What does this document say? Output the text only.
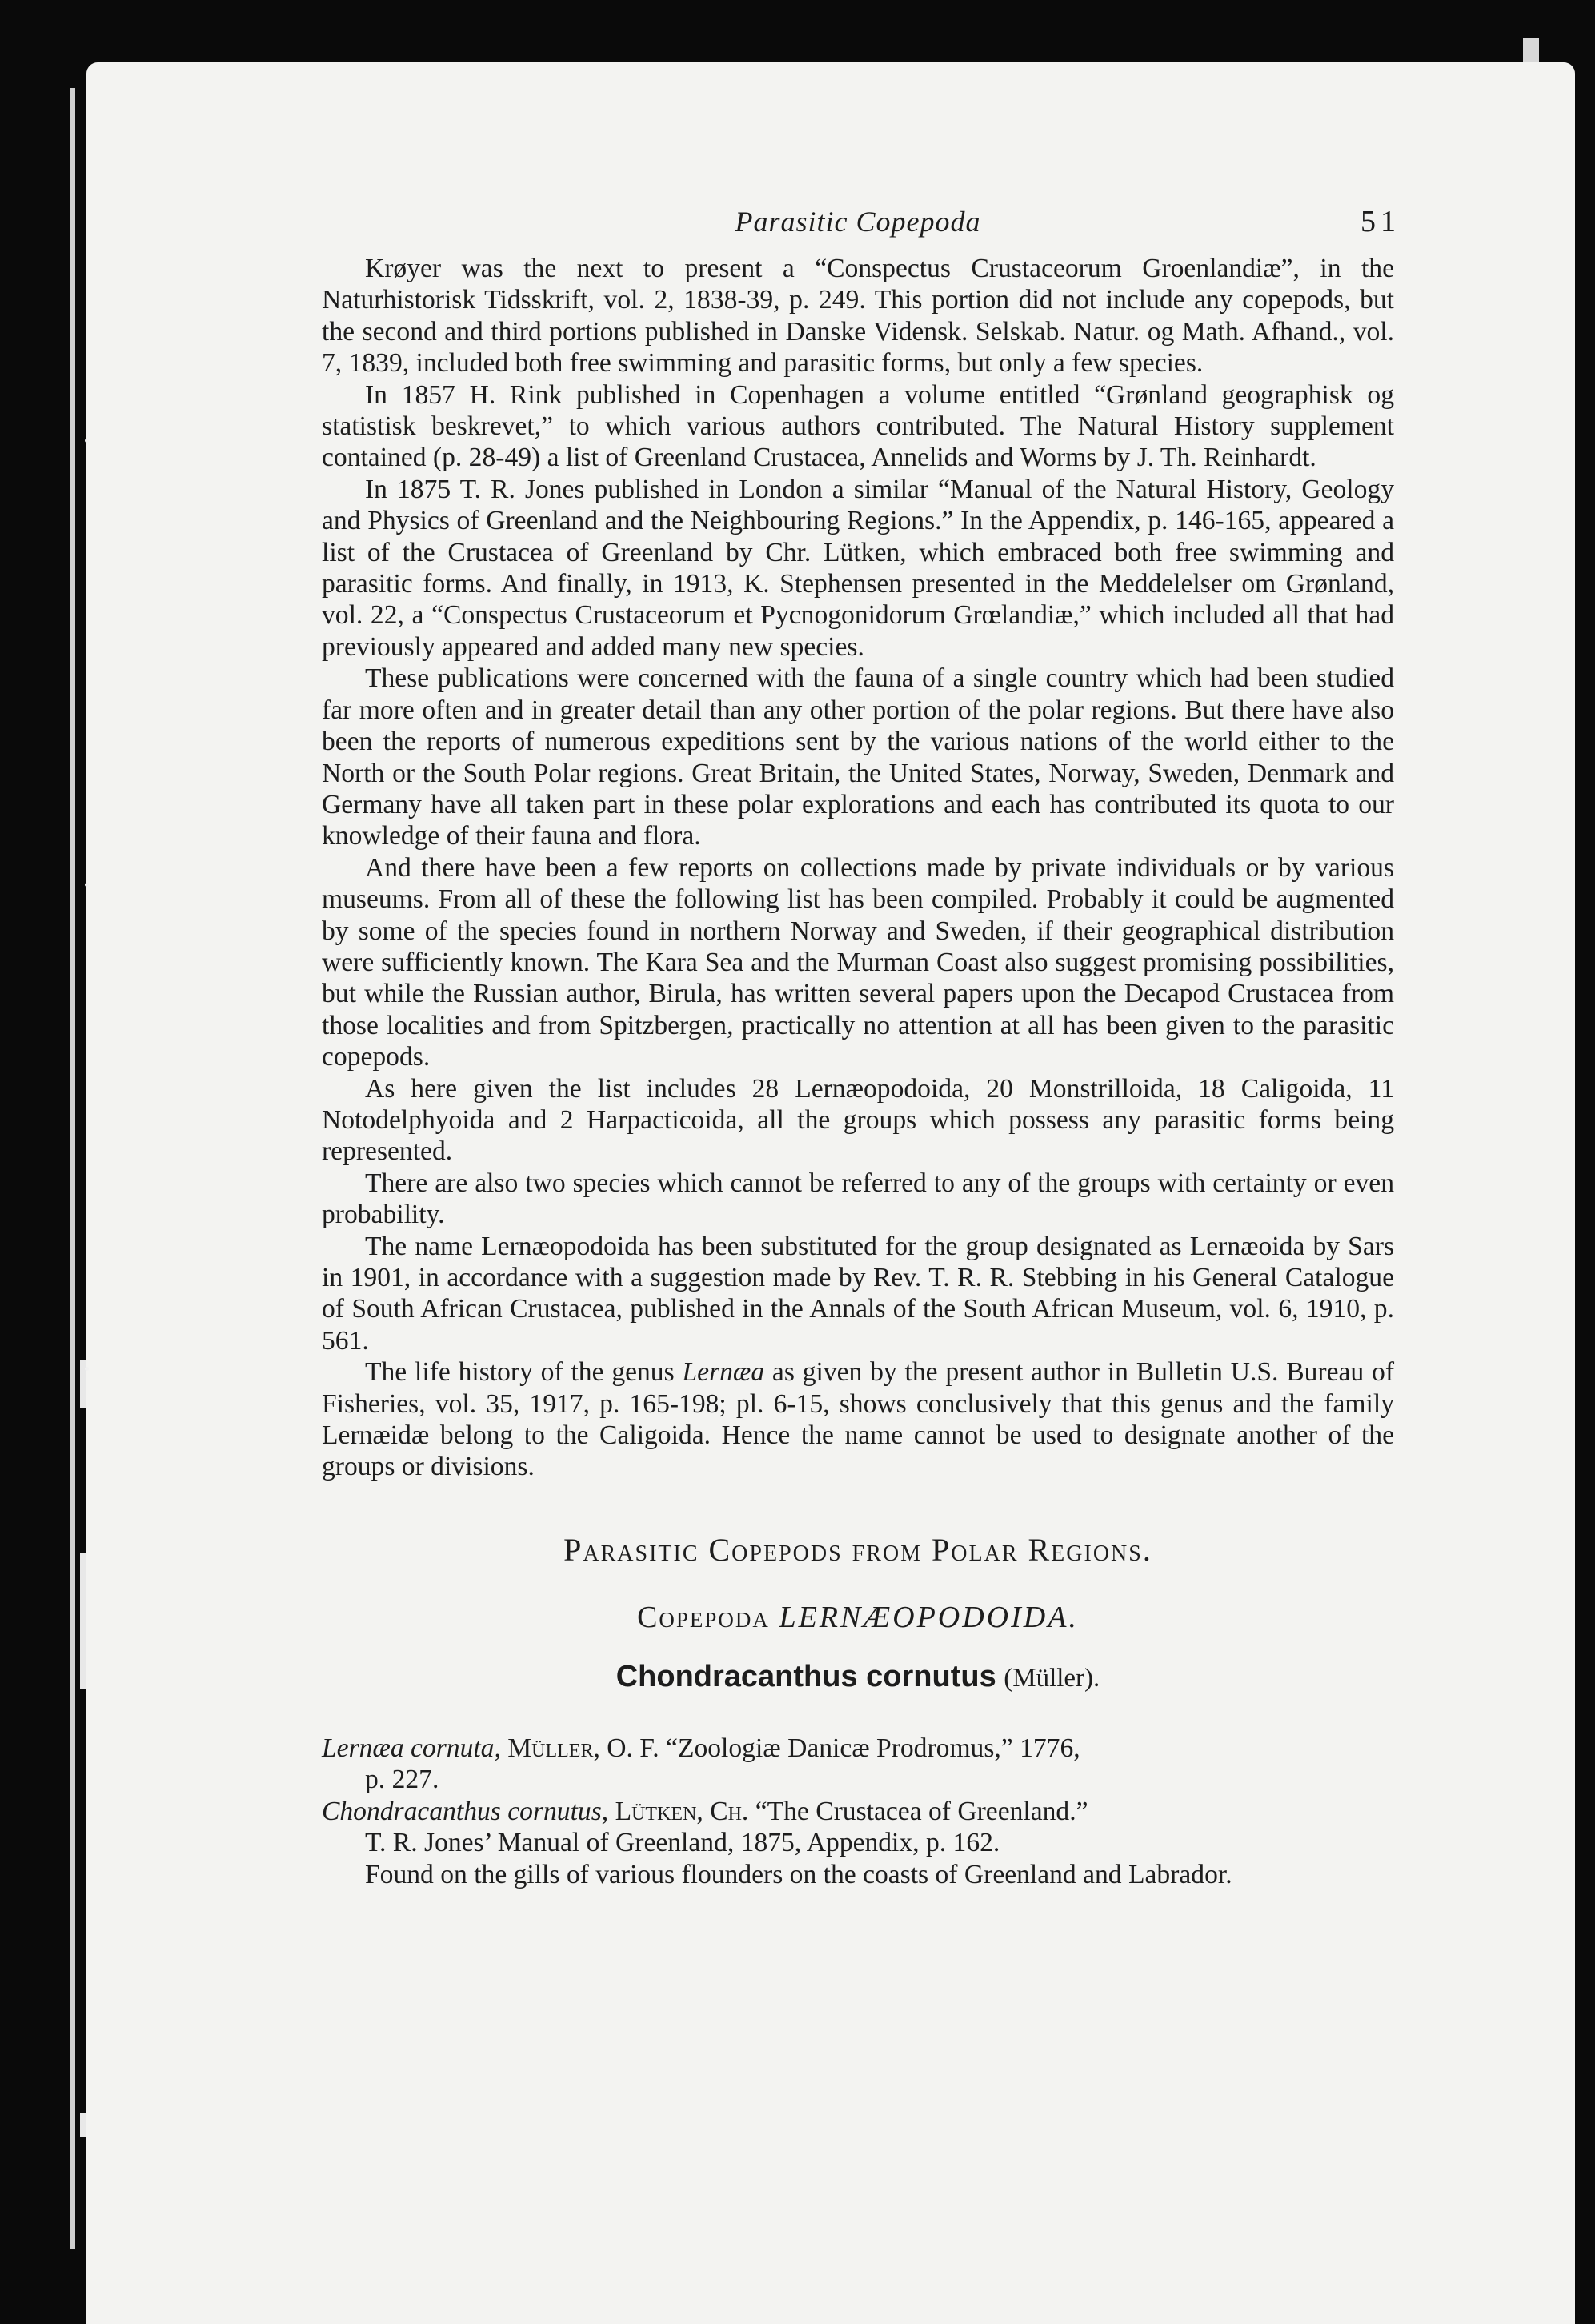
Parasitic Copepoda	51

Krøyer was the next to present a “Conspectus Crustaceorum Groenlandiæ”, in the Naturhistorisk Tidsskrift, vol. 2, 1838-39, p. 249. This portion did not include any copepods, but the second and third portions published in Danske Vidensk. Selskab. Natur. og Math. Afhand., vol. 7, 1839, included both free swimming and parasitic forms, but only a few species.

In 1857 H. Rink published in Copenhagen a volume entitled “Grønland geographisk og statistisk beskrevet,” to which various authors contributed. The Natural History supplement contained (p. 28-49) a list of Greenland Crustacea, Annelids and Worms by J. Th. Reinhardt.

In 1875 T. R. Jones published in London a similar “Manual of the Natural History, Geology and Physics of Greenland and the Neighbouring Regions.” In the Appendix, p. 146-165, appeared a list of the Crustacea of Greenland by Chr. Lütken, which embraced both free swimming and parasitic forms. And finally, in 1913, K. Stephensen presented in the Meddelelser om Grønland, vol. 22, a “Conspectus Crustaceorum et Pycnogonidorum Grœlandiæ,” which included all that had previously appeared and added many new species.

These publications were concerned with the fauna of a single country which had been studied far more often and in greater detail than any other portion of the polar regions. But there have also been the reports of numerous expeditions sent by the various nations of the world either to the North or the South Polar regions. Great Britain, the United States, Norway, Sweden, Denmark and Germany have all taken part in these polar explorations and each has contributed its quota to our knowledge of their fauna and flora.

And there have been a few reports on collections made by private individuals or by various museums. From all of these the following list has been compiled. Probably it could be augmented by some of the species found in northern Norway and Sweden, if their geographical distribution were sufficiently known. The Kara Sea and the Murman Coast also suggest promising possibilities, but while the Russian author, Birula, has written several papers upon the Decapod Crustacea from those localities and from Spitzbergen, practically no attention at all has been given to the parasitic copepods.

As here given the list includes 28 Lernæopodoida, 20 Monstrilloida, 18 Caligoida, 11 Notodelphyoida and 2 Harpacticoida, all the groups which possess any parasitic forms being represented.

There are also two species which cannot be referred to any of the groups with certainty or even probability.

The name Lernæopodoida has been substituted for the group designated as Lernæoida by Sars in 1901, in accordance with a suggestion made by Rev. T. R. R. Stebbing in his General Catalogue of South African Crustacea, published in the Annals of the South African Museum, vol. 6, 1910, p. 561.

The life history of the genus Lernæa as given by the present author in Bulletin U.S. Bureau of Fisheries, vol. 35, 1917, p. 165-198; pl. 6-15, shows conclusively that this genus and the family Lernæidæ belong to the Caligoida. Hence the name cannot be used to designate another of the groups or divisions.

Parasitic Copepods from Polar Regions.
Copepoda LERNÆOPODOIDA.
Chondracanthus cornutus (Müller).

Lernæa cornuta, Müller, O. F. “Zoologiæ Danicæ Prodromus,” 1776,
p. 227.

Chondracanthus cornutus, Lütken, Ch. “The Crustacea of Greenland.”
T. R. Jones’ Manual of Greenland, 1875, Appendix, p. 162.

Found on the gills of various flounders on the coasts of Greenland and Labrador.
